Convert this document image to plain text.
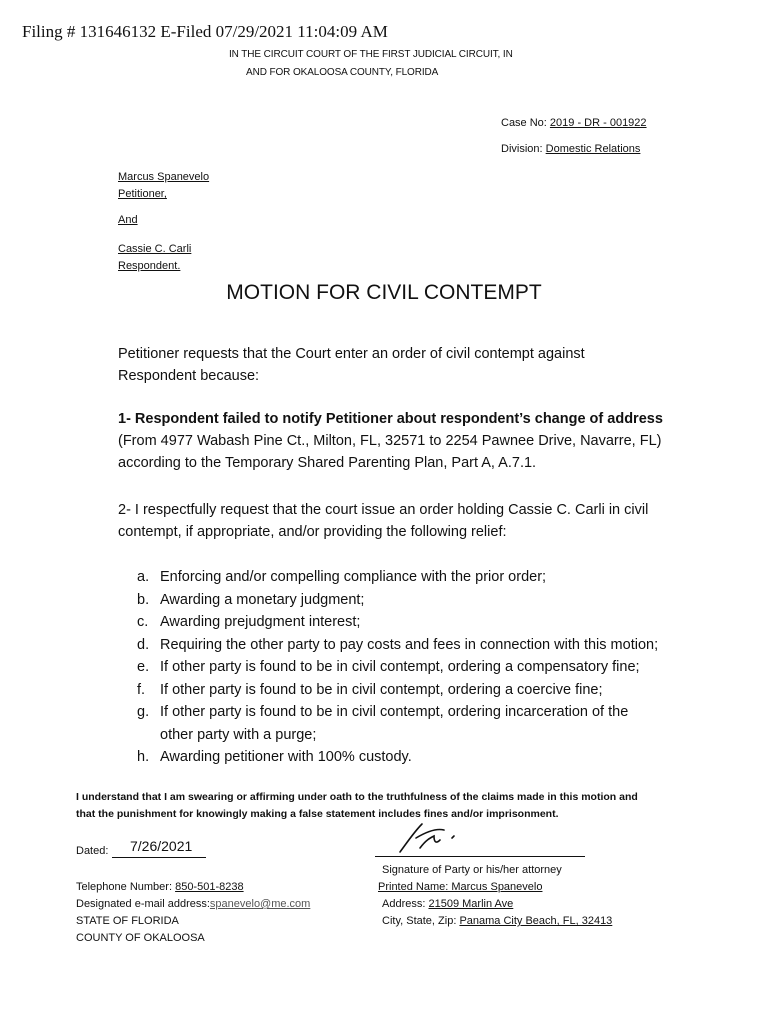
Filing # 131646132 E-Filed 07/29/2021 11:04:09 AM
IN THE CIRCUIT COURT OF THE FIRST JUDICIAL CIRCUIT, IN
AND FOR OKALOOSA COUNTY, FLORIDA
Case No: 2019 - DR - 001922
Division: Domestic Relations
Marcus Spanevelo
Petitioner,
And
Cassie C. Carli
Respondent.
MOTION FOR CIVIL CONTEMPT
Petitioner requests that the Court enter an order of civil contempt against
Respondent because:
1- Respondent failed to notify Petitioner about respondent’s change of address
(From 4977 Wabash Pine Ct., Milton, FL, 32571 to 2254 Pawnee Drive, Navarre, FL)
according to the Temporary Shared Parenting Plan, Part A, A.7.1.
2- I respectfully request that the court issue an order holding Cassie C. Carli in civil
contempt, if appropriate, and/or providing the following relief:
a. Enforcing and/or compelling compliance with the prior order;
b. Awarding a monetary judgment;
c. Awarding prejudgment interest;
d. Requiring the other party to pay costs and fees in connection with this motion;
e. If other party is found to be in civil contempt, ordering a compensatory fine;
f.	If other party is found to be in civil contempt, ordering a coercive fine;
g. If other party is found to be in civil contempt, ordering incarceration of the
other party with a purge;
h. Awarding petitioner with 100% custody.
I understand that I am swearing or affirming under oath to the truthfulness of the claims made in this motion and
that the punishment for knowingly making a false statement includes fines and/or imprisonment.
Dated: 7/26/2021
Telephone Number: 850-501-8238
Designated e-mail address:spanevelo@me.com
STATE OF FLORIDA
COUNTY OF OKALOOSA
Signature of Party or his/her attorney
Printed Name: Marcus Spanevelo
Address: 21509 Marlin Ave
City, State, Zip: Panama City Beach, FL, 32413
